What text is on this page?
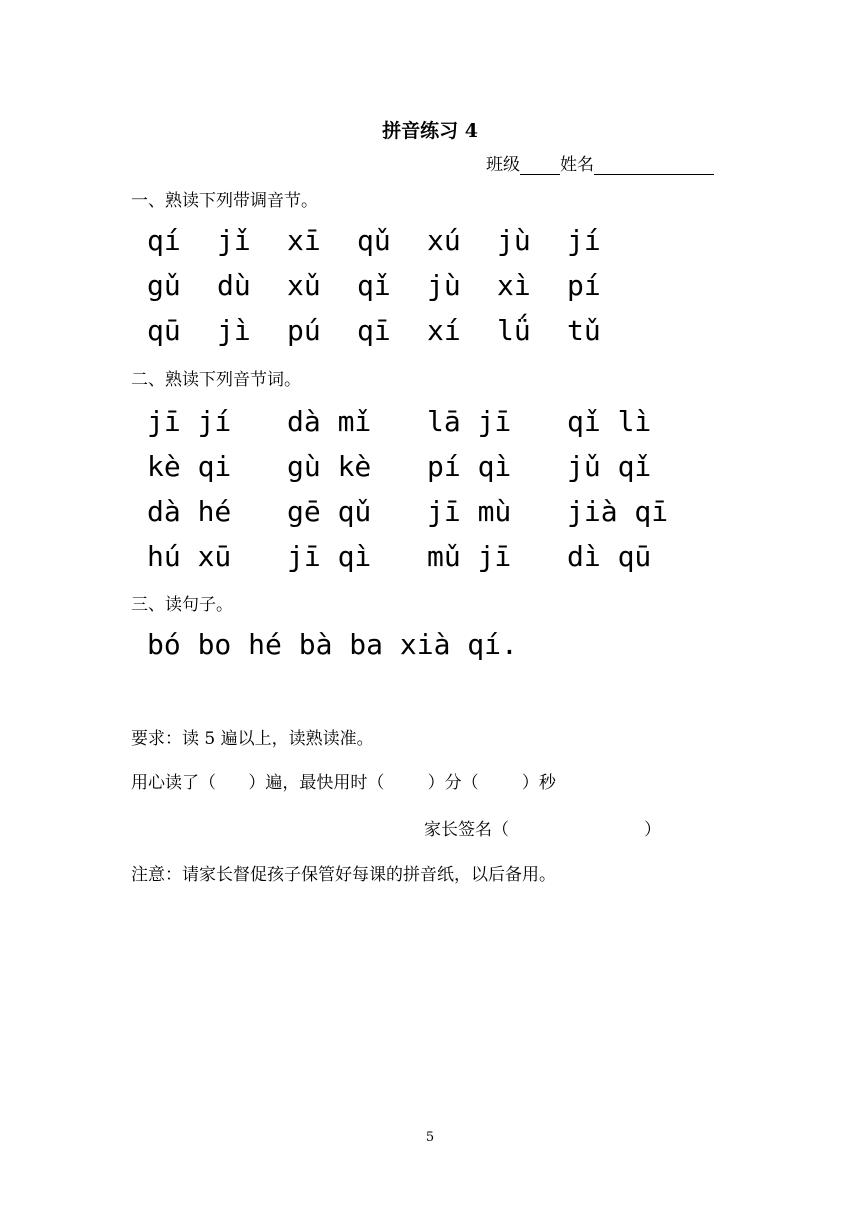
拼音练习 4
班级 姓名
一、熟读下列带调音节。
qí	jǐ	xī	qǔ	xú	jù	jí
gǔ	dù	xǔ	qǐ	jù	xì	pí
qū	jì	pú	qī	xí	lǘ	tǔ
二、熟读下列音节词。
jī jí	dà mǐ	lā jī	qǐ lì
kè qi	gù kè	pí qì	jǔ qǐ
dà hé	gē qǔ	jī mù	jià qī
hú xū	jī qì	mǔ jī	dì qū
三、读句子。
bó bo hé bà ba xià qí.
要求：读 5 遍以上，读熟读准。
用心读了（      ）遍，最快用时（        ）分（        ）秒
家长签名（                         ）
注意：请家长督促孩子保管好每课的拼音纸，以后备用。
5
